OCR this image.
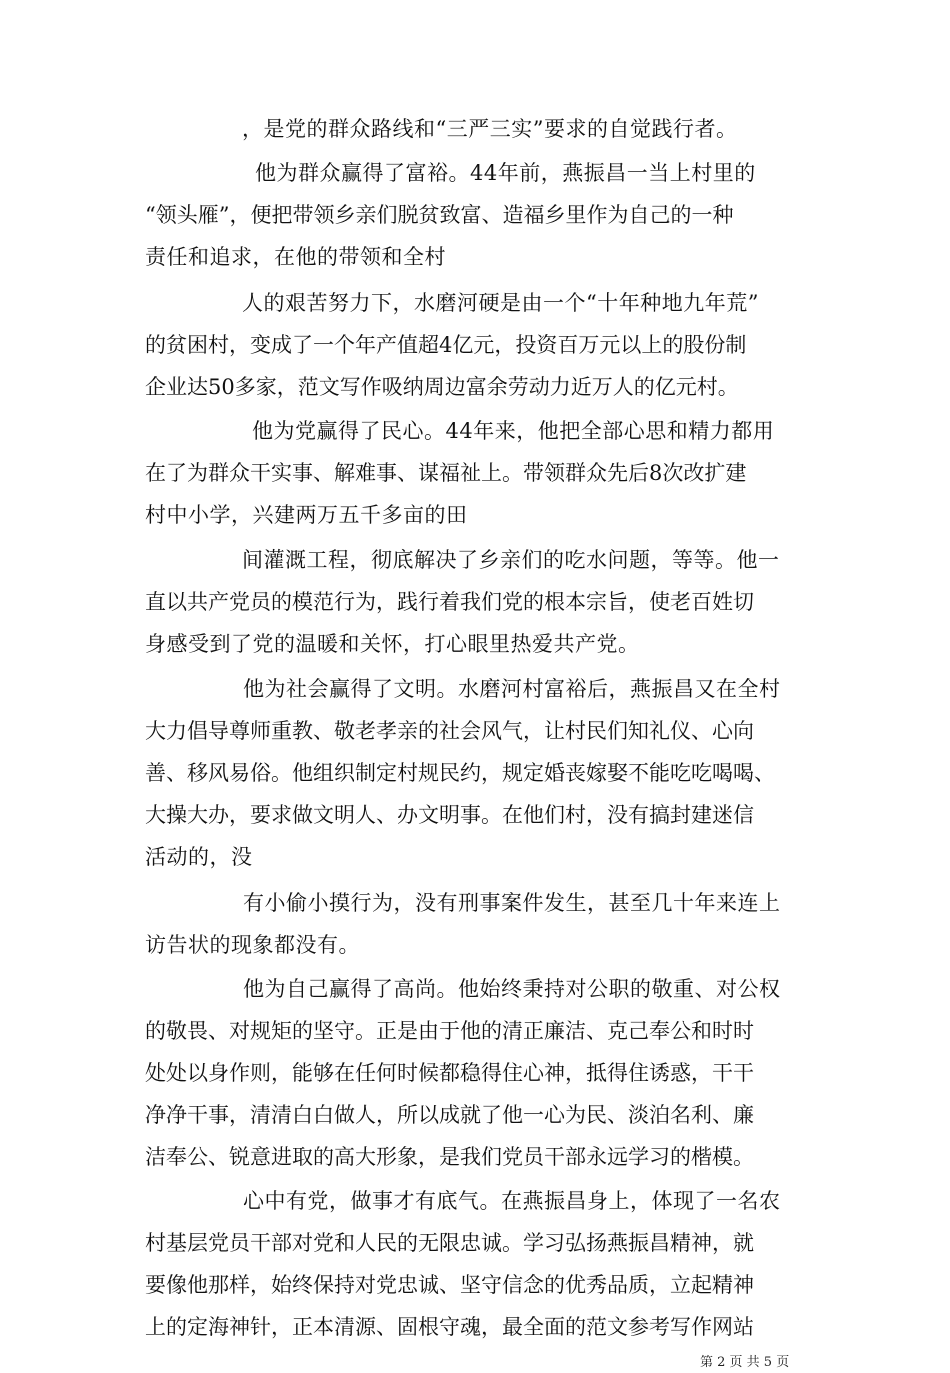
，是党的群众路线和“三严三实”要求的自觉践行者。
他为群众赢得了富裕。44年前，燕振昌一当上村里的
“领头雁”，便把带领乡亲们脱贫致富、造福乡里作为自己的一种
责任和追求，在他的带领和全村
人的艰苦努力下，水磨河硬是由一个“十年种地九年荒”
的贫困村，变成了一个年产值超4亿元，投资百万元以上的股份制
企业达50多家，范文写作吸纳周边富余劳动力近万人的亿元村。
他为党赢得了民心。44年来，他把全部心思和精力都用
在了为群众干实事、解难事、谋福祉上。带领群众先后8次改扩建
村中小学，兴建两万五千多亩的田
间灌溉工程，彻底解决了乡亲们的吃水问题，等等。他一
直以共产党员的模范行为，践行着我们党的根本宗旨，使老百姓切
身感受到了党的温暖和关怀，打心眼里热爱共产党。
他为社会赢得了文明。水磨河村富裕后，燕振昌又在全村
大力倡导尊师重教、敬老孝亲的社会风气，让村民们知礼仪、心向
善、移风易俗。他组织制定村规民约，规定婚丧嫁娶不能吃吃喝喝、
大操大办，要求做文明人、办文明事。在他们村，没有搞封建迷信
活动的，没
有小偷小摸行为，没有刑事案件发生，甚至几十年来连上
访告状的现象都没有。
他为自己赢得了高尚。他始终秉持对公职的敬重、对公权
的敬畏、对规矩的坚守。正是由于他的清正廉洁、克己奉公和时时
处处以身作则，能够在任何时候都稳得住心神，抵得住诱惑，干干
净净干事，清清白白做人，所以成就了他一心为民、淡泊名利、廉
洁奉公、锐意进取的高大形象，是我们党员干部永远学习的楷模。
心中有党，做事才有底气。在燕振昌身上，体现了一名农
村基层党员干部对党和人民的无限忠诚。学习弘扬燕振昌精神，就
要像他那样，始终保持对党忠诚、坚守信念的优秀品质，立起精神
上的定海神针，正本清源、固根守魂，最全面的范文参考写作网站
第 2 页 共 5 页
